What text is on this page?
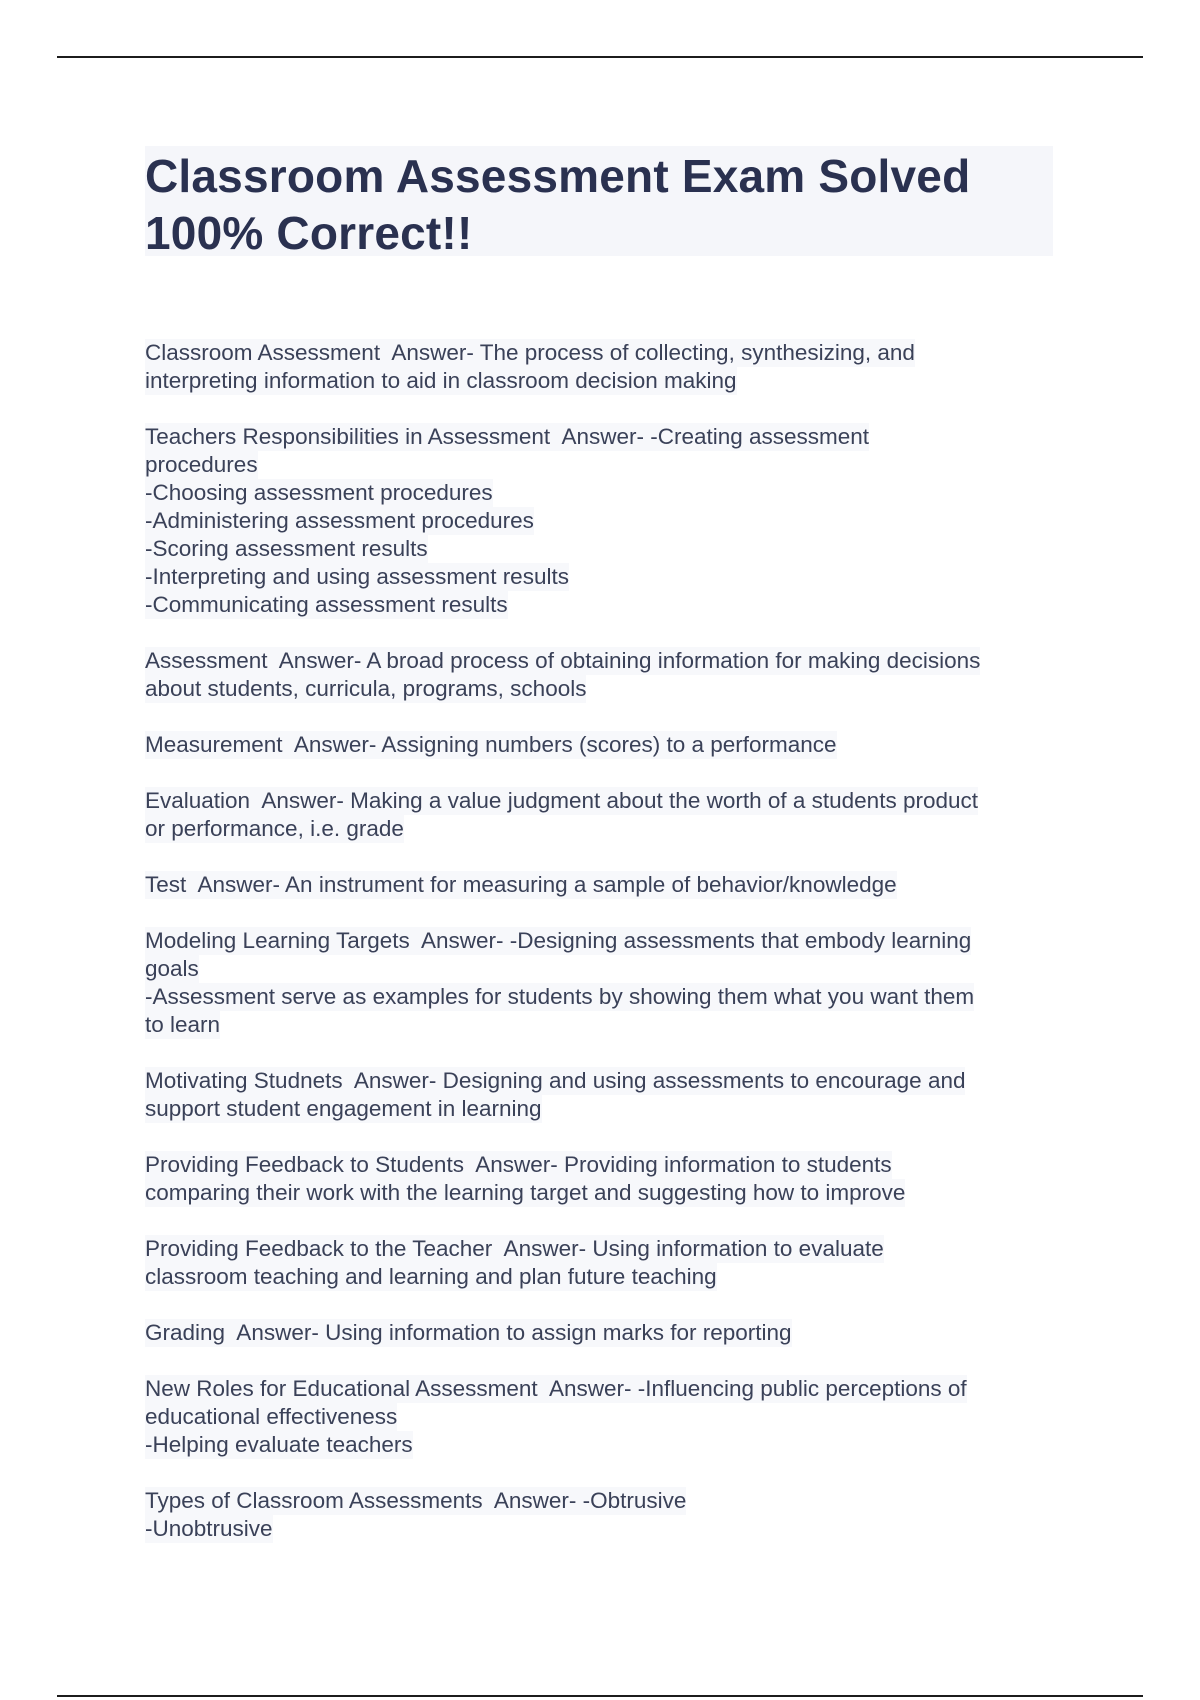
Classroom Assessment Exam Solved
100% Correct!!
Classroom Assessment  Answer- The process of collecting, synthesizing, and
interpreting information to aid in classroom decision making
Teachers Responsibilities in Assessment  Answer- -Creating assessment
procedures
-Choosing assessment procedures
-Administering assessment procedures
-Scoring assessment results
-Interpreting and using assessment results
-Communicating assessment results
Assessment  Answer- A broad process of obtaining information for making decisions
about students, curricula, programs, schools
Measurement  Answer- Assigning numbers (scores) to a performance
Evaluation  Answer- Making a value judgment about the worth of a students product
or performance, i.e. grade
Test  Answer- An instrument for measuring a sample of behavior/knowledge
Modeling Learning Targets  Answer- -Designing assessments that embody learning
goals
-Assessment serve as examples for students by showing them what you want them
to learn
Motivating Studnets  Answer- Designing and using assessments to encourage and
support student engagement in learning
Providing Feedback to Students  Answer- Providing information to students
comparing their work with the learning target and suggesting how to improve
Providing Feedback to the Teacher  Answer- Using information to evaluate
classroom teaching and learning and plan future teaching
Grading  Answer- Using information to assign marks for reporting
New Roles for Educational Assessment  Answer- -Influencing public perceptions of
educational effectiveness
-Helping evaluate teachers
Types of Classroom Assessments  Answer- -Obtrusive
-Unobtrusive
